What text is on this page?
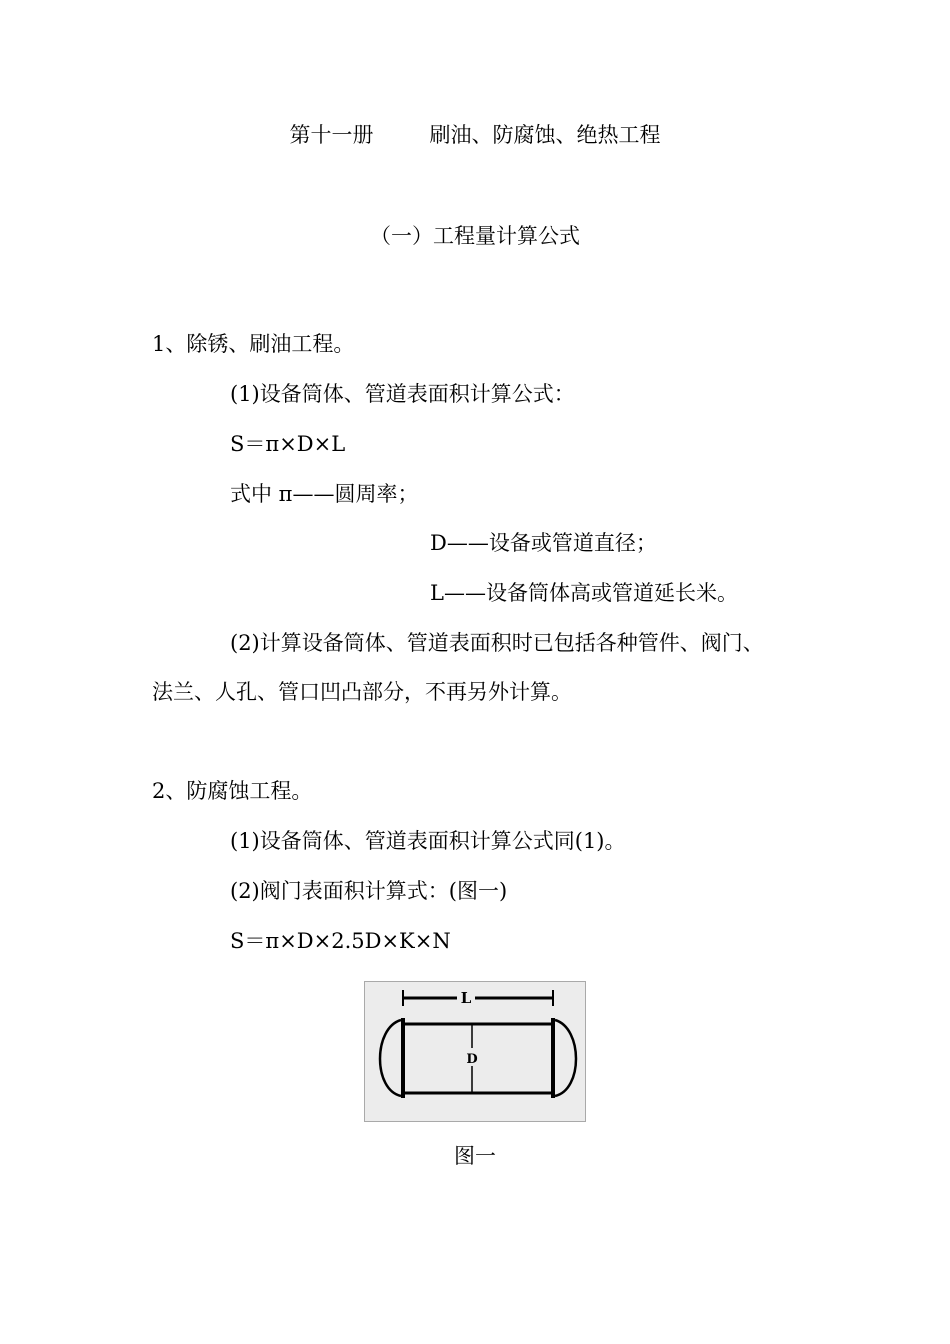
第十一册	刷油、防腐蚀、绝热工程
（一）工程量计算公式
1、除锈、刷油工程。
(1)设备筒体、管道表面积计算公式：
S＝π×D×L
式中 π——圆周率；
D——设备或管道直径；
L——设备筒体高或管道延长米。
(2)计算设备筒体、管道表面积时已包括各种管件、阀门、
法兰、人孔、管口凹凸部分，不再另外计算。
2、防腐蚀工程。
(1)设备筒体、管道表面积计算公式同(1)。
(2)阀门表面积计算式：(图一)
S＝π×D×2.5D×K×N
L
D
图一
